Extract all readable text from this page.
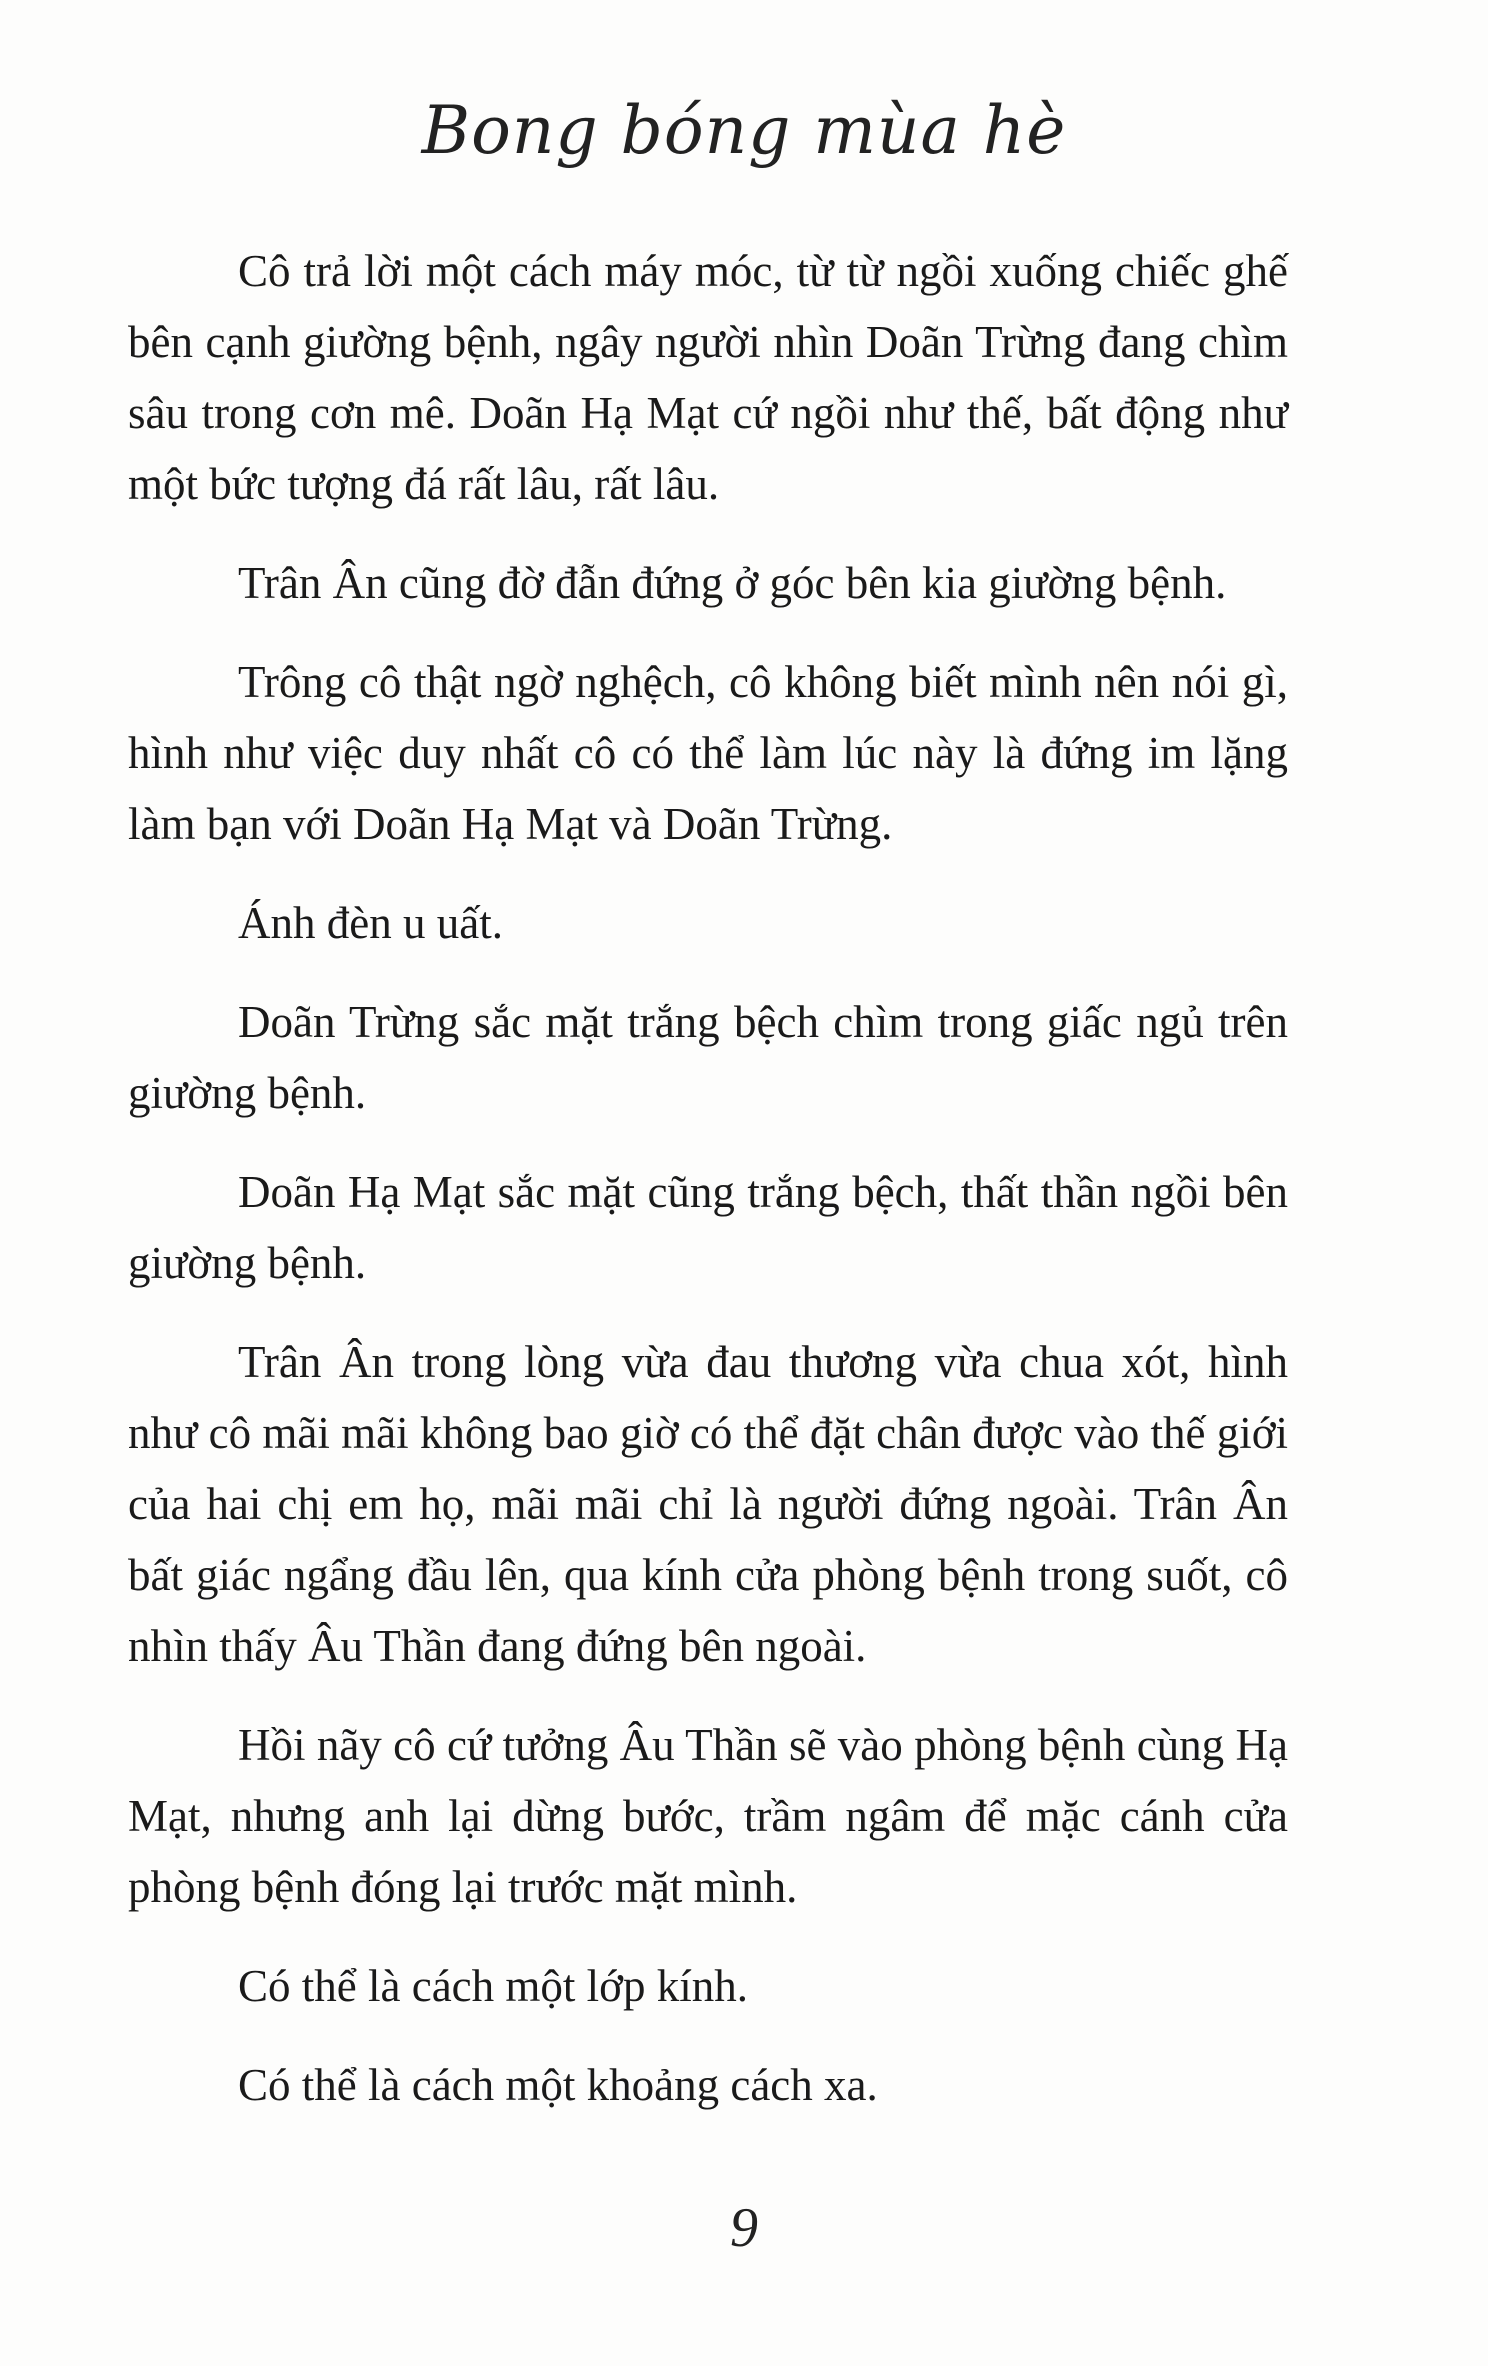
Bong bóng mùa hè

Cô trả lời một cách máy móc, từ từ ngồi xuống chiếc ghế bên cạnh giường bệnh, ngây người nhìn Doãn Trừng đang chìm sâu trong cơn mê. Doãn Hạ Mạt cứ ngồi như thế, bất động như một bức tượng đá rất lâu, rất lâu.

Trân Ân cũng đờ đẫn đứng ở góc bên kia giường bệnh.

Trông cô thật ngờ nghệch, cô không biết mình nên nói gì, hình như việc duy nhất cô có thể làm lúc này là đứng im lặng làm bạn với Doãn Hạ Mạt và Doãn Trừng.

Ánh đèn u uất.

Doãn Trừng sắc mặt trắng bệch chìm trong giấc ngủ trên giường bệnh.

Doãn Hạ Mạt sắc mặt cũng trắng bệch, thất thần ngồi bên giường bệnh.

Trân Ân trong lòng vừa đau thương vừa chua xót, hình như cô mãi mãi không bao giờ có thể đặt chân được vào thế giới của hai chị em họ, mãi mãi chỉ là người đứng ngoài. Trân Ân bất giác ngẩng đầu lên, qua kính cửa phòng bệnh trong suốt, cô nhìn thấy Âu Thần đang đứng bên ngoài.

Hồi nãy cô cứ tưởng Âu Thần sẽ vào phòng bệnh cùng Hạ Mạt, nhưng anh lại dừng bước, trầm ngâm để mặc cánh cửa phòng bệnh đóng lại trước mặt mình.

Có thể là cách một lớp kính.

Có thể là cách một khoảng cách xa.

9
